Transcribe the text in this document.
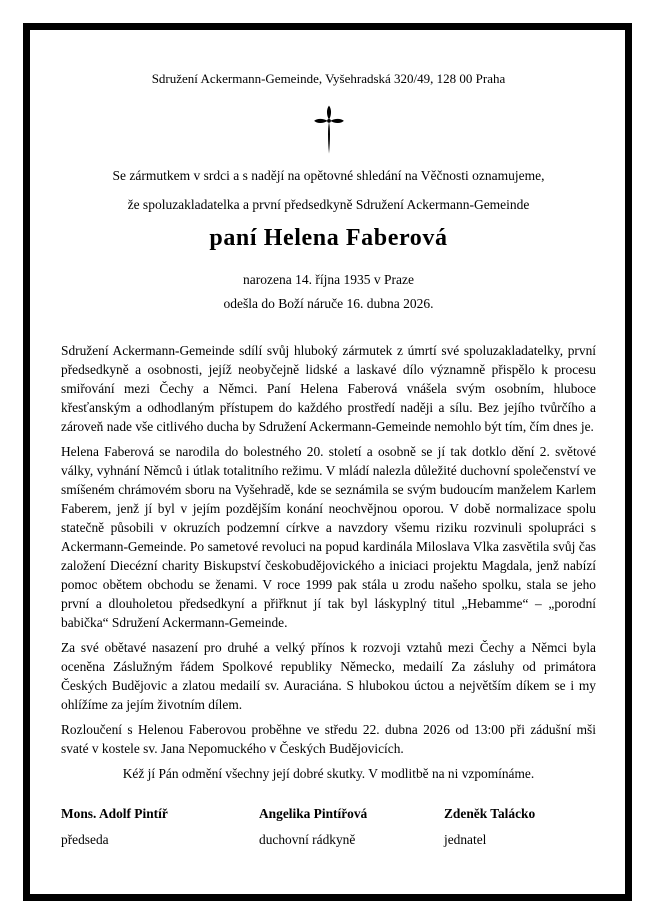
Sdružení Ackermann-Gemeinde, Vyšehradská 320/49, 128 00 Praha
Se zármutkem v srdci a s nadějí na opětovné shledání na Věčnosti oznamujeme,
že spoluzakladatelka a první předsedkyně Sdružení Ackermann-Gemeinde
paní Helena Faberová
narozena 14. října 1935 v Praze
odešla do Boží náruče 16. dubna 2026.

Sdružení Ackermann-Gemeinde sdílí svůj hluboký zármutek z úmrtí své spoluzakladatelky, první předsedkyně a osobnosti, jejíž neobyčejně lidské a laskavé dílo významně přispělo k procesu smiřování mezi Čechy a Němci. Paní Helena Faberová vnášela svým osobním, hluboce křesťanským a odhodlaným přístupem do každého prostředí naději a sílu. Bez jejího tvůrčího a zároveň nade vše citlivého ducha by Sdružení Ackermann-Gemeinde nemohlo být tím, čím dnes je.

Helena Faberová se narodila do bolestného 20. století a osobně se jí tak dotklo dění 2. světové války, vyhnání Němců i útlak totalitního režimu. V mládí nalezla důležité duchovní společenství ve smíšeném chrámovém sboru na Vyšehradě, kde se seznámila se svým budoucím manželem Karlem Faberem, jenž jí byl v jejím pozdějším konání neochvějnou oporou. V době normalizace spolu statečně působili v okruzích podzemní církve a navzdory všemu riziku rozvinuli spolupráci s Ackermann-Gemeinde. Po sametové revoluci na popud kardinála Miloslava Vlka zasvětila svůj čas založení Diecézní charity Biskupství českobudějovického a iniciaci projektu Magdala, jenž nabízí pomoc obětem obchodu se ženami. V roce 1999 pak stála u zrodu našeho spolku, stala se jeho první a dlouholetou předsedkyní a přiřknut jí tak byl láskyplný titul „Hebamme“ – „porodní babička“ Sdružení Ackermann-Gemeinde.

Za své obětavé nasazení pro druhé a velký přínos k rozvoji vztahů mezi Čechy a Němci byla oceněna Záslužným řádem Spolkové republiky Německo, medailí Za zásluhy od primátora Českých Budějovic a zlatou medailí sv. Auraciána. S hlubokou úctou a největším díkem se i my ohlížíme za jejím životním dílem.

Rozloučení s Helenou Faberovou proběhne ve středu 22. dubna 2026 od 13:00 při zádušní mši svaté v kostele sv. Jana Nepomuckého v Českých Budějovicích.

Kéž jí Pán odmění všechny její dobré skutky. V modlitbě na ni vzpomínáme.

Mons. Adolf Pintíř
předseda
Angelika Pintířová
duchovní rádkyně
Zdeněk Talácko
jednatel
